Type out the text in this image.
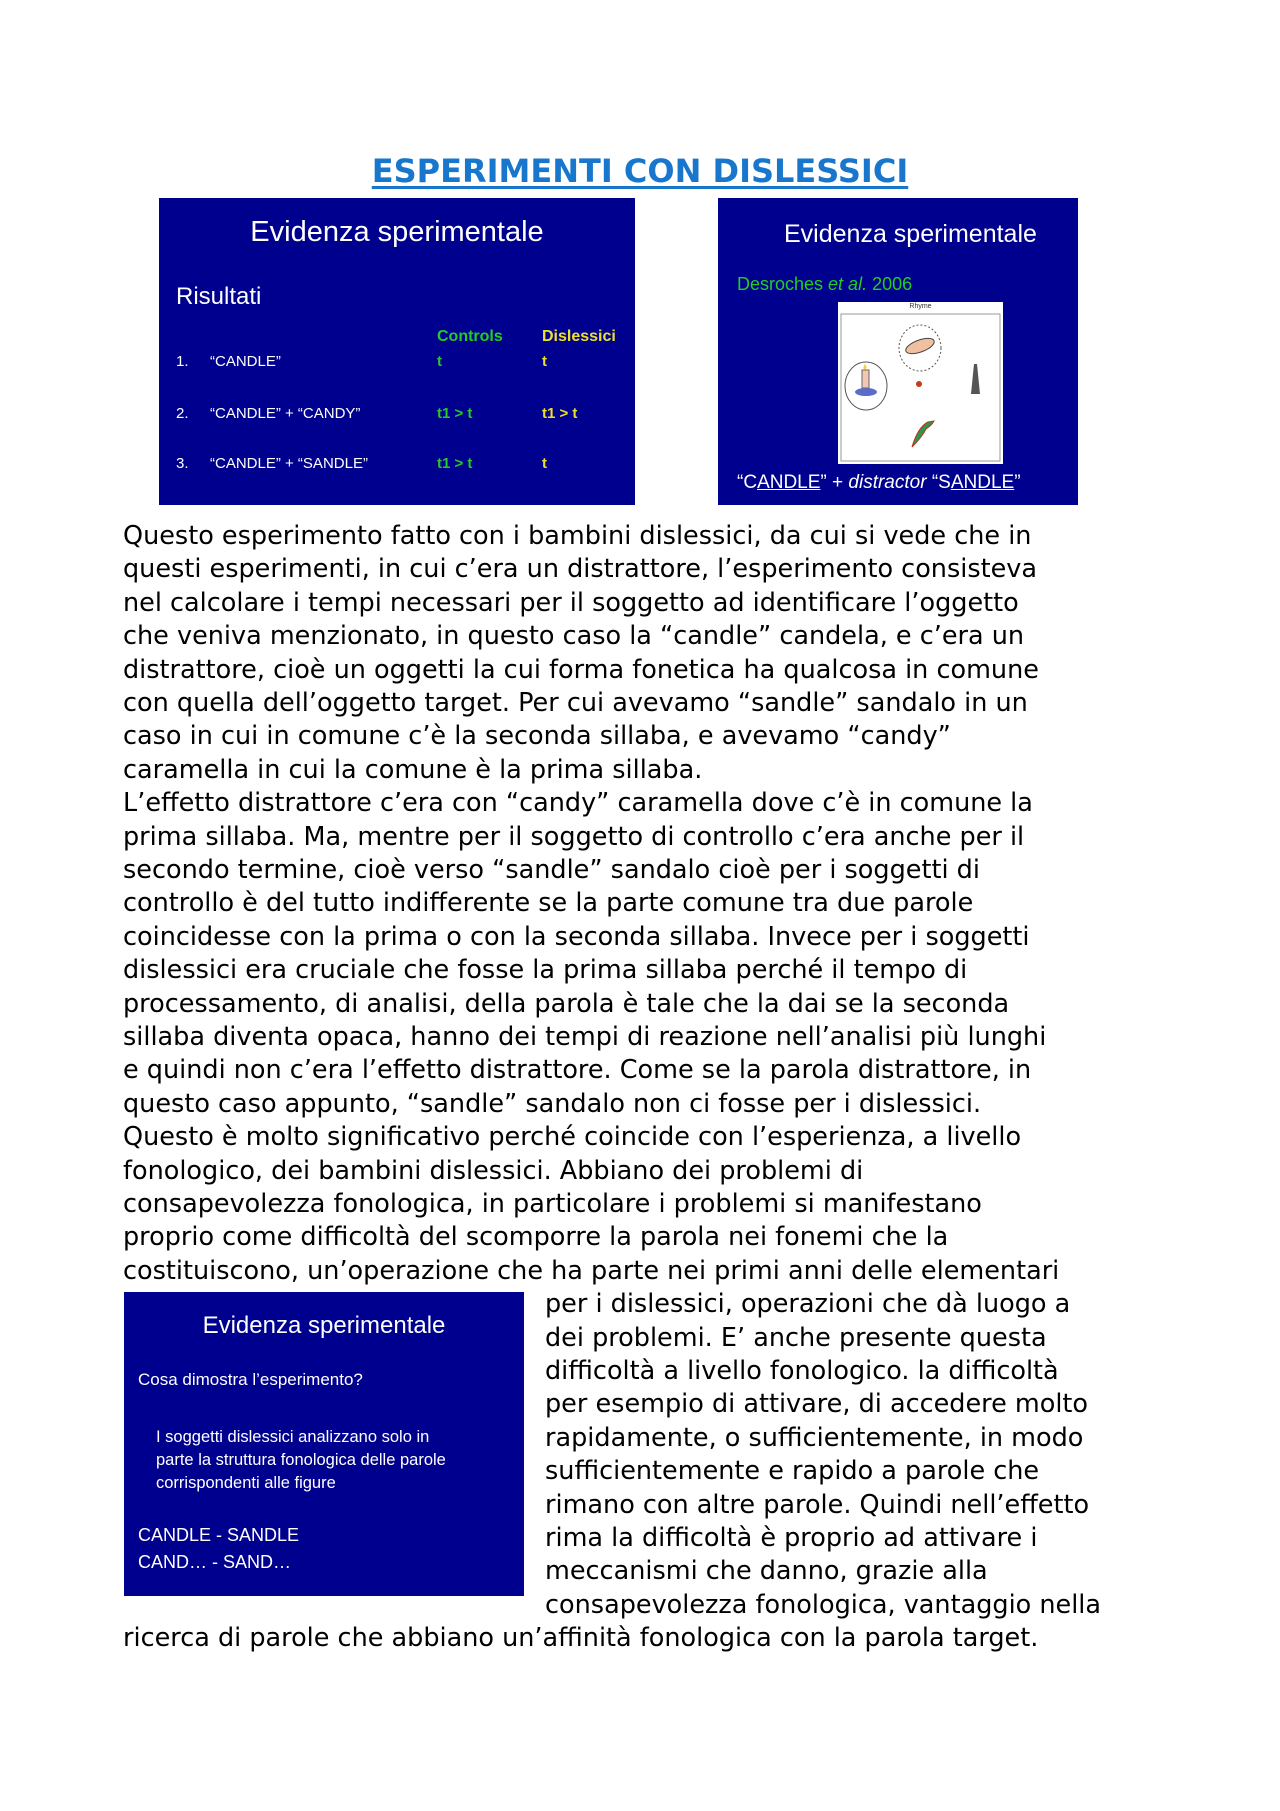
ESPERIMENTI CON DISLESSICI
Evidenza sperimentale
Risultati
Controls Dislessici
1. “CANDLE”	t	t
2. “CANDLE” + “CANDY”	t1 > t	t1 > t
3. “CANDLE” + “SANDLE”	t1 > t	t
Evidenza sperimentale
Desroches et al. 2006
Rhyme
“CANDLE” + distractor “SANDLE”
Evidenza sperimentale
Cosa dimostra l’esperimento?
I soggetti dislessici analizzano solo in
parte la struttura fonologica delle parole
corrispondenti alle figure
CANDLE - SANDLE
CAND… - SAND…
Questo esperimento fatto con i bambini dislessici, da cui si vede che in
questi esperimenti, in cui c’era un distrattore, l’esperimento consisteva
nel calcolare i tempi necessari per il soggetto ad identificare l’oggetto
che veniva menzionato, in questo caso la “candle” candela, e c’era un
distrattore, cioè un oggetti la cui forma fonetica ha qualcosa in comune
con quella dell’oggetto target. Per cui avevamo “sandle” sandalo in un
caso in cui in comune c’è la seconda sillaba, e avevamo “candy”
caramella in cui la comune è la prima sillaba.
L’effetto distrattore c’era con “candy” caramella dove c’è in comune la
prima sillaba. Ma, mentre per il soggetto di controllo c’era anche per il
secondo termine, cioè verso “sandle” sandalo cioè per i soggetti di
controllo è del tutto indifferente se la parte comune tra due parole
coincidesse con la prima o con la seconda sillaba. Invece per i soggetti
dislessici era cruciale che fosse la prima sillaba perché il tempo di
processamento, di analisi, della parola è tale che la dai se la seconda
sillaba diventa opaca, hanno dei tempi di reazione nell’analisi più lunghi
e quindi non c’era l’effetto distrattore. Come se la parola distrattore, in
questo caso appunto, “sandle” sandalo non ci fosse per i dislessici.
Questo è molto significativo perché coincide con l’esperienza, a livello
fonologico, dei bambini dislessici. Abbiano dei problemi di
consapevolezza fonologica, in particolare i problemi si manifestano
proprio come difficoltà del scomporre la parola nei fonemi che la
costituiscono, un’operazione che ha parte nei primi anni delle elementari
per i dislessici, operazioni che dà luogo a
dei problemi. E’ anche presente questa
difficoltà a livello fonologico. la difficoltà
per esempio di attivare, di accedere molto
rapidamente, o sufficientemente, in modo
sufficientemente e rapido a parole che
rimano con altre parole. Quindi nell’effetto
rima la difficoltà è proprio ad attivare i
meccanismi che danno, grazie alla
consapevolezza fonologica, vantaggio nella
ricerca di parole che abbiano un’affinità fonologica con la parola target.
